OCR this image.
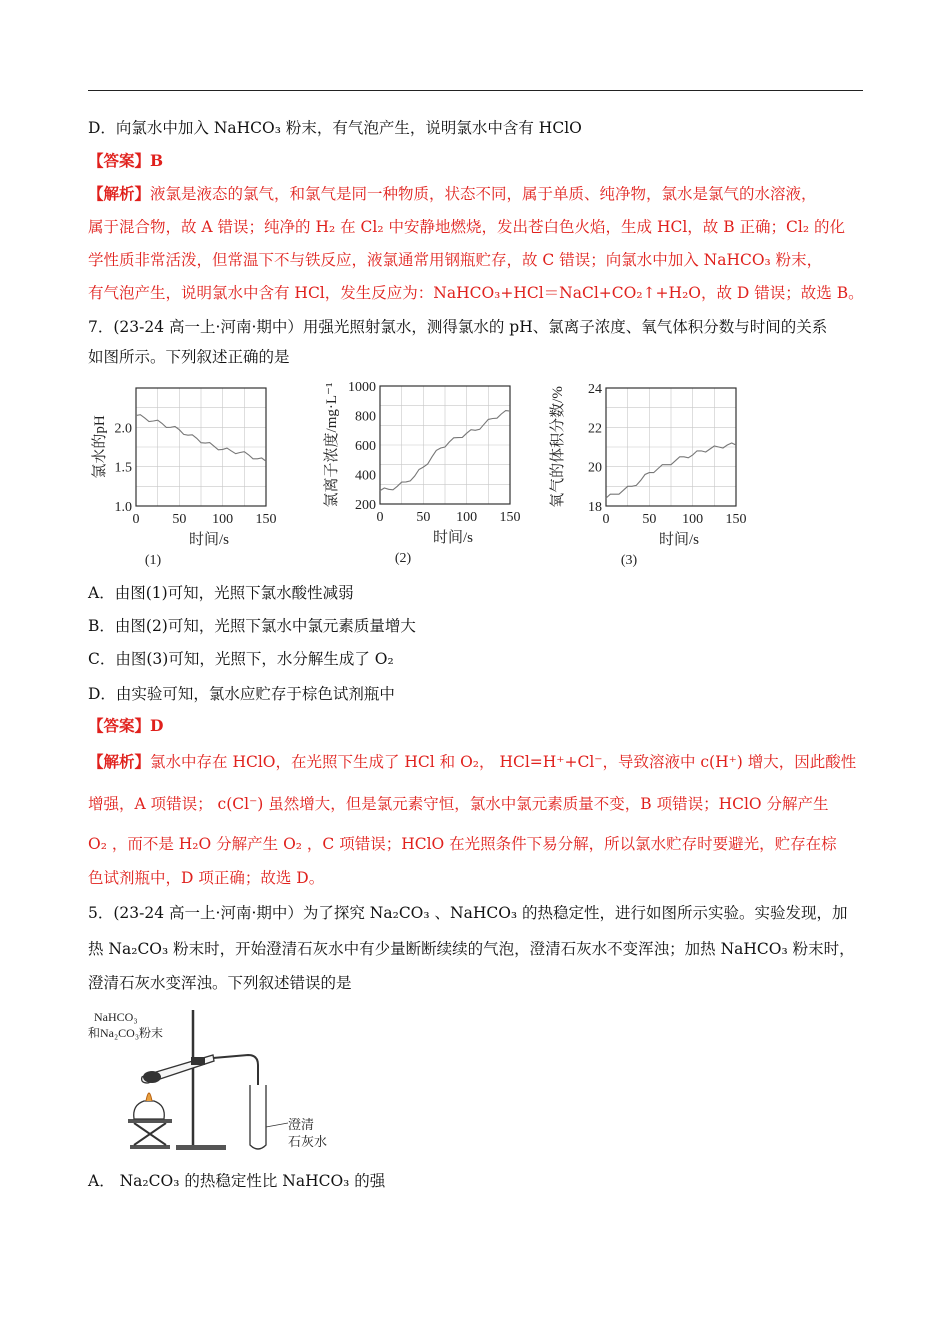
D．向氯水中加入 NaHCO₃ 粉末，有气泡产生，说明氯水中含有 HClO
【答案】B
【解析】液氯是液态的氯气，和氯气是同一种物质，状态不同，属于单质、纯净物，氯水是氯气的水溶液，
属于混合物，故 A 错误；纯净的 H₂ 在 Cl₂ 中安静地燃烧，发出苍白色火焰，生成 HCl，故 B 正确；Cl₂ 的化
学性质非常活泼，但常温下不与铁反应，液氯通常用钢瓶贮存，故 C 错误；向氯水中加入 NaHCO₃ 粉末，
有气泡产生，说明氯水中含有 HCl，发生反应为：NaHCO₃+HCl＝NaCl+CO₂↑+H₂O，故 D 错误；故选 B。
7．(23-24 高一上·河南·期中）用强光照射氯水，测得氯水的 pH、氯离子浓度、氧气体积分数与时间的关系
如图所示。下列叙述正确的是
0 50 100 150
1.0
1.5
2.0
时间/s
氯水的pH
(1)
0 50 100 150
200
400
600
800
1000
时间/s
氯离子浓度/mg·L⁻¹
(2)
0 50 100 150
18
20
22
24
时间/s
氧气的体积分数/%
(3)
A．由图(1)可知，光照下氯水酸性减弱
B．由图(2)可知，光照下氯水中氯元素质量增大
C．由图(3)可知，光照下，水分解生成了 O₂
D．由实验可知，氯水应贮存于棕色试剂瓶中
【答案】D
【解析】氯水中存在 HClO，在光照下生成了 HCl 和 O₂， HCl=H⁺+Cl⁻，导致溶液中 c(H⁺) 增大，因此酸性
增强，A 项错误； c(Cl⁻) 虽然增大，但是氯元素守恒，氯水中氯元素质量不变，B 项错误；HClO 分解产生
O₂ ，而不是 H₂O 分解产生 O₂ ，C 项错误；HClO 在光照条件下易分解，所以氯水贮存时要避光，贮存在棕
色试剂瓶中，D 项正确；故选 D。
5．(23-24 高一上·河南·期中）为了探究 Na₂CO₃ 、NaHCO₃ 的热稳定性，进行如图所示实验。实验发现，加
热 Na₂CO₃ 粉末时，开始澄清石灰水中有少量断断续续的气泡，澄清石灰水不变浑浊；加热 NaHCO₃ 粉末时，
澄清石灰水变浑浊。下列叙述错误的是
NaHCO₃
和Na₂CO₃粉末
澄清
石灰水
A． Na₂CO₃ 的热稳定性比 NaHCO₃ 的强
